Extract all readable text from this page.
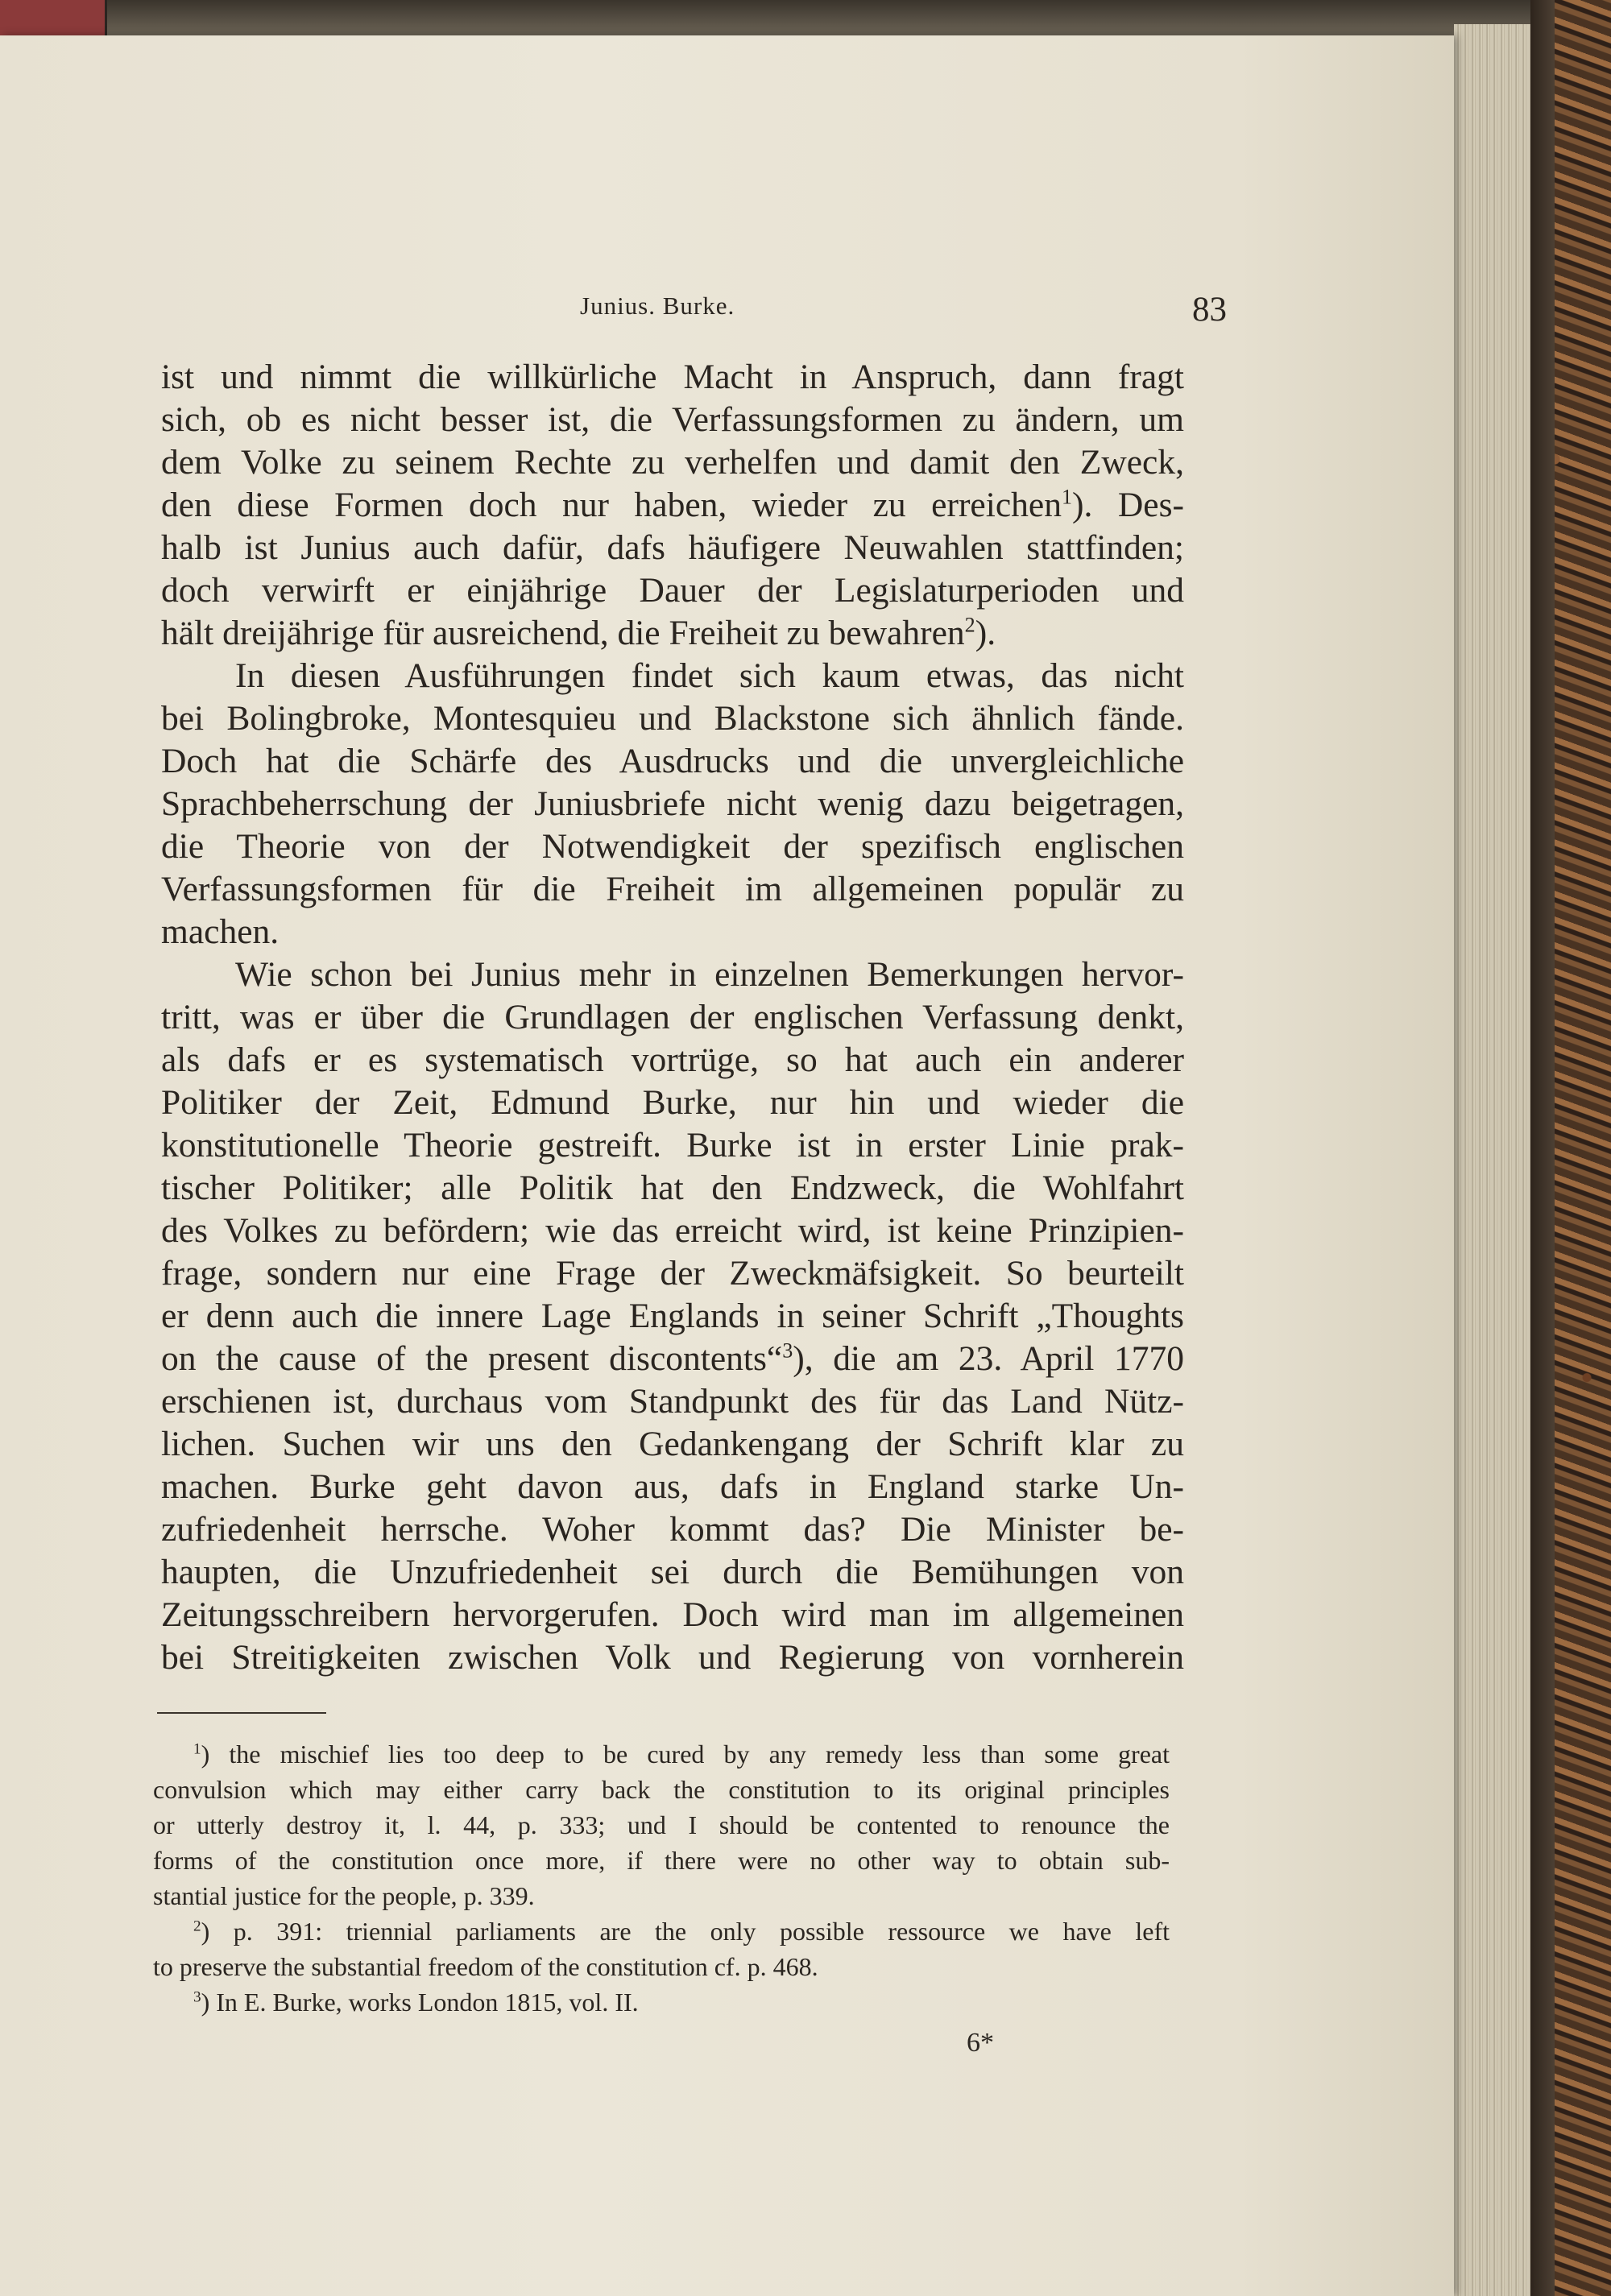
Junius. Burke.	83
ist und nimmt die willkürliche Macht in Anspruch, dann fragt
sich, ob es nicht besser ist, die Verfassungsformen zu ändern, um
dem Volke zu seinem Rechte zu verhelfen und damit den Zweck,
den diese Formen doch nur haben, wieder zu erreichen$^1$). Des-
halb ist Junius auch dafür, dafs häufigere Neuwahlen stattfinden;
doch verwirft er einjährige Dauer der Legislaturperioden und
hält dreijährige für ausreichend, die Freiheit zu bewahren$^2$).
In diesen Ausführungen findet sich kaum etwas, das nicht
bei Bolingbroke, Montesquieu und Blackstone sich ähnlich fände.
Doch hat die Schärfe des Ausdrucks und die unvergleichliche
Sprachbeherrschung der Juniusbriefe nicht wenig dazu beigetragen,
die Theorie von der Notwendigkeit der spezifisch englischen
Verfassungsformen für die Freiheit im allgemeinen populär zu
machen.
Wie schon bei Junius mehr in einzelnen Bemerkungen hervor-
tritt, was er über die Grundlagen der englischen Verfassung denkt,
als dafs er es systematisch vortrüge, so hat auch ein anderer
Politiker der Zeit, Edmund Burke, nur hin und wieder die
konstitutionelle Theorie gestreift. Burke ist in erster Linie prak-
tischer Politiker; alle Politik hat den Endzweck, die Wohlfahrt
des Volkes zu befördern; wie das erreicht wird, ist keine Prinzipien-
frage, sondern nur eine Frage der Zweckmäfsigkeit. So beurteilt
er denn auch die innere Lage Englands in seiner Schrift „Thoughts
on the cause of the present discontents“$^3$), die am 23. April 1770
erschienen ist, durchaus vom Standpunkt des für das Land Nütz-
lichen. Suchen wir uns den Gedankengang der Schrift klar zu
machen. Burke geht davon aus, dafs in England starke Un-
zufriedenheit herrsche. Woher kommt das? Die Minister be-
haupten, die Unzufriedenheit sei durch die Bemühungen von
Zeitungsschreibern hervorgerufen. Doch wird man im allgemeinen
bei Streitigkeiten zwischen Volk und Regierung von vornherein
$^1$) the mischief lies too deep to be cured by any remedy less than some great
convulsion which may either carry back the constitution to its original principles
or utterly destroy it, l. 44, p. 333; und I should be contented to renounce the
forms of the constitution once more, if there were no other way to obtain sub-
stantial justice for the people, p. 339.
$^2$) p. 391: triennial parliaments are the only possible ressource we have left
to preserve the substantial freedom of the constitution cf. p. 468.
$^3$) In E. Burke, works London 1815, vol. II.
6*
